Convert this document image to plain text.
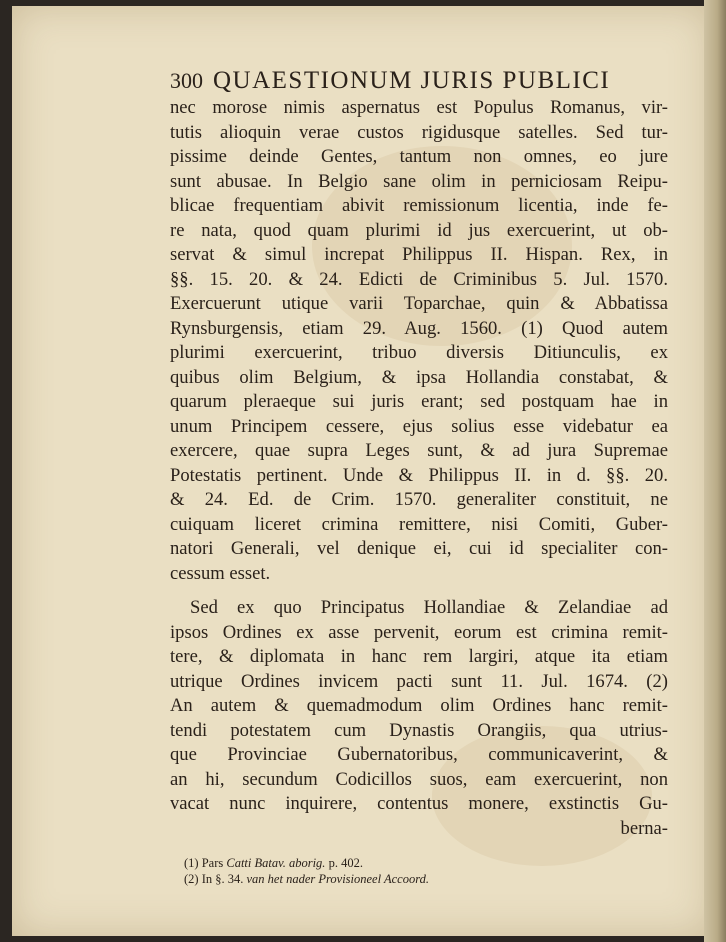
300 QUAESTIONUM JURIS PUBLICI
nec morose nimis aspernatus est Populus Romanus, vir-
tutis alioquin verae custos rigidusque satelles. Sed tur-
pissime deinde Gentes, tantum non omnes, eo jure
sunt abusae. In Belgio sane olim in perniciosam Reipu-
blicae frequentiam abivit remissionum licentia, inde fe-
re nata, quod quam plurimi id jus exercuerint, ut ob-
servat & simul increpat Philippus II. Hispan. Rex, in
§§. 15. 20. & 24. Edicti de Criminibus 5. Jul. 1570.
Exercuerunt utique varii Toparchae, quin & Abbatissa
Rynsburgensis, etiam 29. Aug. 1560. (1) Quod autem
plurimi exercuerint, tribuo diversis Ditiunculis, ex
quibus olim Belgium, & ipsa Hollandia constabat, &
quarum pleraeque sui juris erant; sed postquam hae in
unum Principem cessere, ejus solius esse videbatur ea
exercere, quae supra Leges sunt, & ad jura Supremae
Potestatis pertinent. Unde & Philippus II. in d. §§. 20.
& 24. Ed. de Crim. 1570. generaliter constituit, ne
cuiquam liceret crimina remittere, nisi Comiti, Guber-
natori Generali, vel denique ei, cui id specialiter con-
cessum esset.
Sed ex quo Principatus Hollandiae & Zelandiae ad
ipsos Ordines ex asse pervenit, eorum est crimina remit-
tere, & diplomata in hanc rem largiri, atque ita etiam
utrique Ordines invicem pacti sunt 11. Jul. 1674. (2)
An autem & quemadmodum olim Ordines hanc remit-
tendi potestatem cum Dynastis Orangiis, qua utrius-
que Provinciae Gubernatoribus, communicaverint, &
an hi, secundum Codicillos suos, eam exercuerint, non
vacat nunc inquirere, contentus monere, exstinctis Gu-
berna-
(1) Pars Catti Batav. aborig. p. 402.
(2) In §. 34. van het nader Provisioneel Accoord.
